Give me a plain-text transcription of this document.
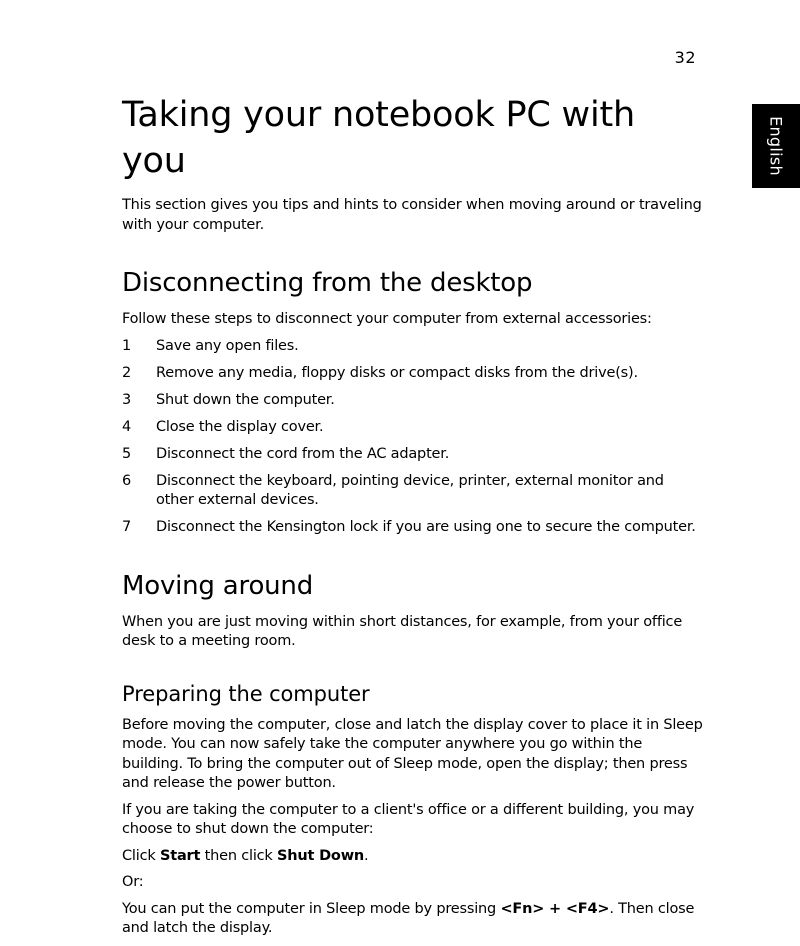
32
English
Taking your notebook PC with you

This section gives you tips and hints to consider when moving around or traveling with your computer.

Disconnecting from the desktop

Follow these steps to disconnect your computer from external accessories:

1	Save any open files.
2	Remove any media, floppy disks or compact disks from the drive(s).
3	Shut down the computer.
4	Close the display cover.
5	Disconnect the cord from the AC adapter.
6	Disconnect the keyboard, pointing device, printer, external monitor and other external devices.
7	Disconnect the Kensington lock if you are using one to secure the computer.
Moving around

When you are just moving within short distances, for example, from your office desk to a meeting room.

Preparing the computer

Before moving the computer, close and latch the display cover to place it in Sleep mode. You can now safely take the computer anywhere you go within the building. To bring the computer out of Sleep mode, open the display; then press and release the power button.

If you are taking the computer to a client's office or a different building, you may choose to shut down the computer:

Click Start then click Shut Down.

Or:

You can put the computer in Sleep mode by pressing <Fn> + <F4>. Then close and latch the display.
